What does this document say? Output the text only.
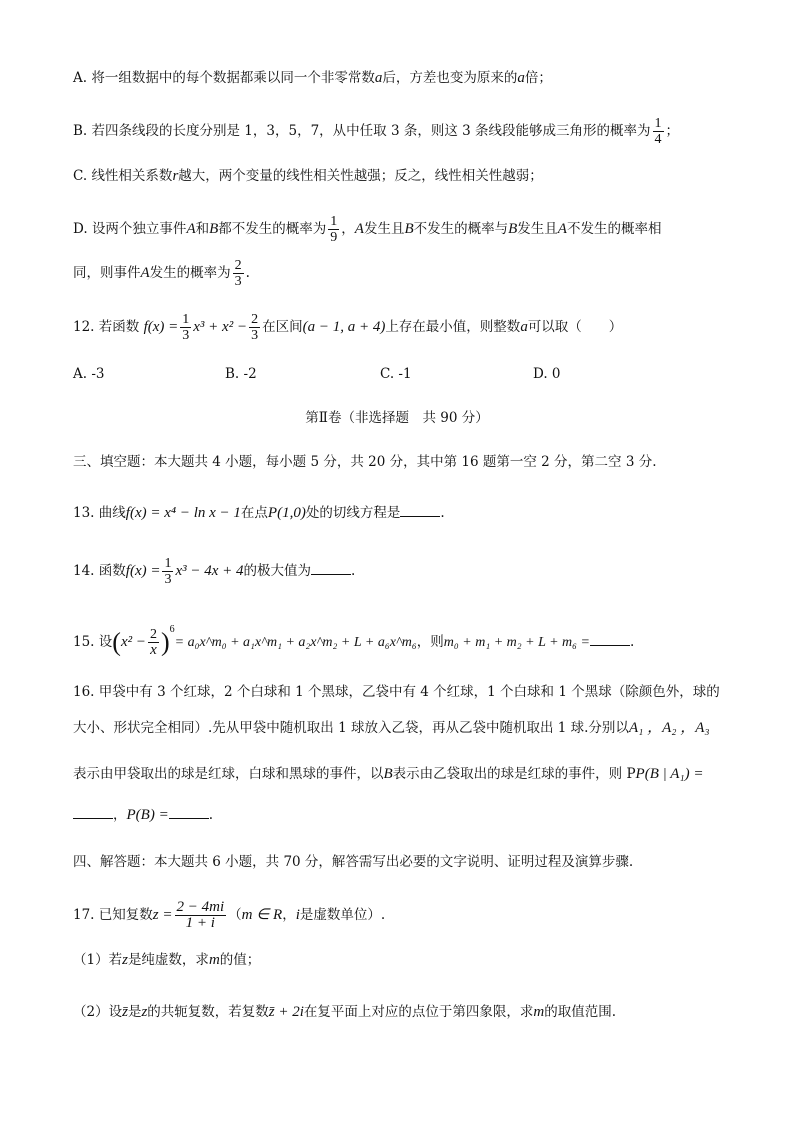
A. 将一组数据中的每个数据都乘以同一个非零常数a后，方差也变为原来的a倍；
B. 若四条线段的长度分别是 1，3，5，7，从中任取 3 条，则这 3 条线段能够成三角形的概率为 $\frac{1}{4}$ ；
C. 线性相关系数r越大，两个变量的线性相关性越强；反之，线性相关性越弱；
D. 设两个独立事件A和B都不发生的概率为 $\frac{1}{9}$ ，A发生且B不发生的概率与B发生且A不发生的概率相
同，则事件A发生的概率为 $\frac{2}{3}$ .
12. 若函数 $f(x) = \frac{1}{3} x^3 + x^2 - \frac{2}{3}$ 在区间(a − 1, a + 4)上存在最小值，则整数a可以取（　　）
A. -3	B. -2	C. -1	D. 0
第Ⅱ卷（非选择题　共 90 分）
三、填空题：本大题共 4 小题，每小题 5 分，共 20 分，其中第 16 题第一空 2 分，第二空 3 分.
13. 曲线f(x) = x⁴ − ln x − 1在点P(1,0)处的切线方程是	.
14. 函数$f(x) = \frac{1}{3} x^3 - 4x + 4$的极大值为	.
15. 设$(x^2 - \frac{2}{x} )^6=$ a₀x^m₀ + a₁x^m₁ + a₂x^m₂ + L + a₆x^m₆，则m₀ + m₁ + m₂ + L + m₆ =	.
16. 甲袋中有 3 个红球，2 个白球和 1 个黑球，乙袋中有 4 个红球，1 个白球和 1 个黑球（除颜色外，球的
大小、形状完全相同）.先从甲袋中随机取出 1 球放入乙袋，再从乙袋中随机取出 1 球.分别以A₁ ，A₂ ，A₃
表示由甲袋取出的球是红球，白球和黑球的事件，以B表示由乙袋取出的球是红球的事件，则 PP(B | A₁) =
，P(B) =	.
四、解答题：本大题共 6 小题，共 70 分，解答需写出必要的文字说明、证明过程及演算步骤.
17. 已知复数$z = \frac{2 - 4mi}{1 + i} (m$ ∈ R，i是虚数单位）.
（1）若z是纯虚数，求m的值；
（2）设z̄是z的共轭复数，若复数z̄ + 2i在复平面上对应的点位于第四象限，求m的取值范围.
